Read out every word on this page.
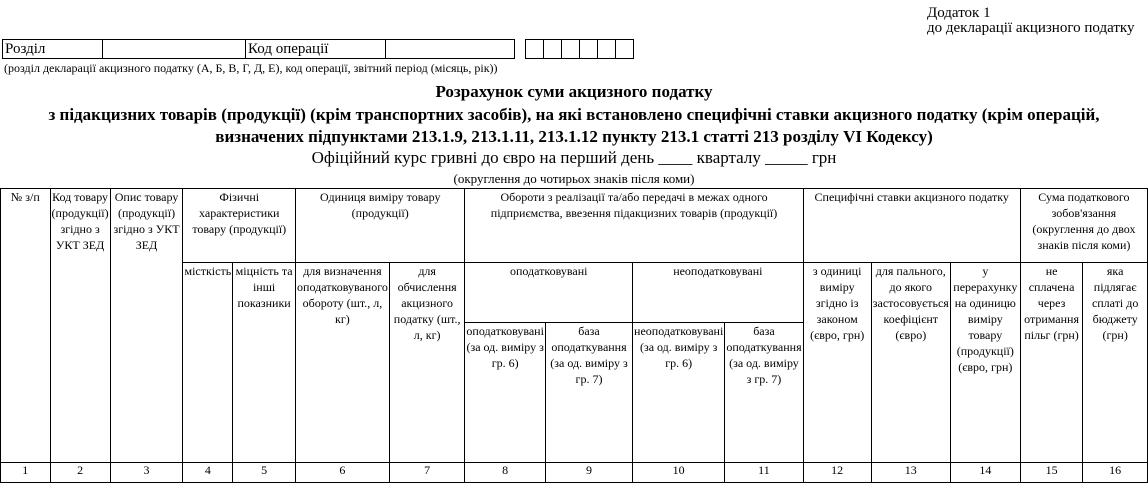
Додаток 1
до декларації акцизного податку
Розділ	Код операції
(розділ декларації акцизного податку (А, Б, В, Г, Д, Е), код операції, звітний період (місяць, рік))
Розрахунок суми акцизного податку
з підакцизних товарів (продукції) (крім транспортних засобів), на які встановлено специфічні ставки акцизного податку (крім операцій,
визначених підпунктами 213.1.9, 213.1.11, 213.1.12 пункту 213.1 статті 213 розділу VI Кодексу)
Офіційний курс гривні до євро на перший день ____ кварталу _____ грн
(округлення до чотирьох знаків після коми)
№ з/п	Код товару (продукції) згідно з УКТ ЗЕД	Опис товару (продукції) згідно з УКТ ЗЕД	Фізичні характеристики товару (продукції)		Одиниця виміру товару (продукції)		Обороти з реалізації та/або передачі в межах одного підприємства, ввезення підакцизних товарів (продукції)				Специфічні ставки акцизного податку			Сума податкового зобов'язання (округлення до двох знаків після коми)	
			місткість	міцність та інші показники	для визначення оподатковуваного обороту (шт., л, кг)	для обчислення акцизного податку (шт., л, кг)	оподатковувані		неоподатковувані		з одиниці виміру згідно із законом (євро, грн)	для пального, до якого застосовується коефіцієнт (євро)	у перерахунку на одиницю виміру товару (продукції) (євро, грн)	не сплачена через отримання пільг (грн)	яка підлягає сплаті до бюджету (грн)
							оподатковувані (за од. виміру з гр. 6)	база оподаткування (за од. виміру з гр. 7)	неоподатковувані (за од. виміру з гр. 6)	база оподаткування (за од. виміру з гр. 7)					
1	2	3	4	5	6	7	8	9	10	11	12	13	14	15	16
